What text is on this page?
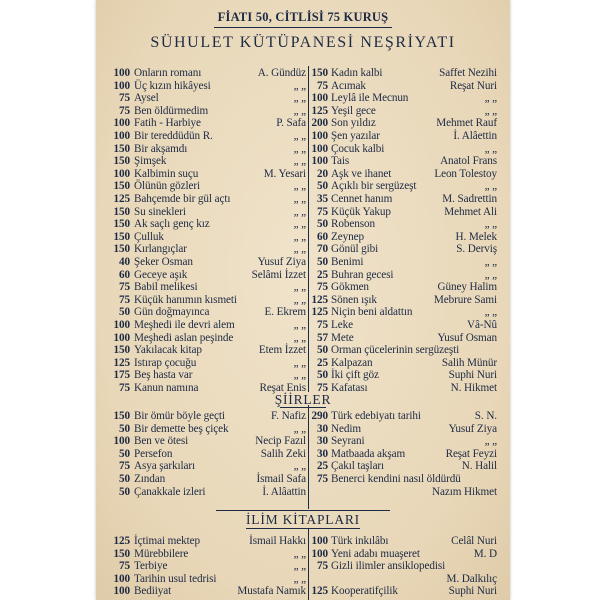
FİATI 50, CİTLİSİ 75 KURUŞ
SÜHULET KÜTÜPANESİ NEŞRİYATI
100 Onların romanı	A. Gündüz
100 Üç kızın hikâyesi	„ „
75 Aysel	„ „
75 Ben öldürmedim	„ „
100 Fatih - Harbiye	P. Safa
100 Bir tereddüdün R.	„ „
150 Bir akşamdı	„ „
150 Şimşek	„ „
100 Kalbimin suçu	M. Yesari
150 Ölünün gözleri	„ „
125 Bahçemde bir gül açtı	„ „
150 Su sinekleri	„ „
150 Ak saçlı genç kız	„ „
150 Çulluk	„ „
150 Kırlangıçlar	„ „
40 Şeker Osman	Yusuf Ziya
60 Geceye aşık	Selâmi İzzet
75 Babil melikesi	„ „
75 Küçük hanımın kısmeti	„ „
50 Gün doğmayınca	E. Ekrem
100 Meşhedi ile devri alem	„ „
100 Meşhedi aslan peşinde	„ „
150 Yakılacak kitap	Etem İzzet
125 Istırap çocuğu	„ „
175 Beş hasta var	„ „
75 Kanun namına	Reşat Enis
150 Kadın kalbi	Saffet Nezihi
75 Acımak	Reşat Nuri
100 Leylâ ile Mecnun	„ „
125 Yeşil gece	„ „
200 Son yıldız	Mehmet Rauf
100 Şen yazılar	İ. Alâettin
100 Çocuk kalbi	„ „
100 Tais	Anatol Frans
20 Aşk ve ihanet	Leon Tolestoy
50 Açıklı bir sergüzeşt	„ „
35 Cennet hanım	M. Sadrettin
75 Küçük Yakup	Mehmet Ali
50 Robenson	„ „
60 Zeynep	H. Melek
70 Gönül gibi	S. Derviş
50 Benimi	„ „
25 Buhran gecesi	„ „
75 Gökmen	Güney Halim
125 Sönen ışık	Mebrure Sami
125 Niçin beni aldattın	„ „
75 Leke	Vâ-Nû
57 Mete	Yusuf Osman
50 Orman çücelerinin sergüzeşti
25 Kalpazan	Salih Münür
50 İki çift göz	Suphi Nuri
75 Kafatası	N. Hikmet
ŞİİRLER
150 Bir ömür böyle geçti	F. Nafiz
50 Bir demette beş çiçek	„ „
100 Ben ve ötesi	Necip Fazıl
50 Persefon	Salih Zeki
75 Asya şarkıları	„ „
50 Zından	İsmail Safa
50 Çanakkale izleri	İ. Alâattin
290 Türk edebiyatı tarihi	S. N.
30 Nedim	Yusuf Ziya
30 Seyrani	„ „
30 Matbaada akşam	Reşat Feyzi
25 Çakıl taşları	N. Halil
75 Benerci kendini nasıl öldürdü
Nazım Hikmet
İLİM KİTAPLARI
125 İçtimai mektep	İsmail Hakkı
150 Mürebbilere	„ „
75 Terbiye	„ „
100 Tarihin usul tedrisi	„ „
100 Bediiyat	Mustafa Namık
100 Türk inkılâbı	Celâl Nuri
100 Yeni adabı muaşeret	M. D
75 Gizli ilimler ansiklopedisi
M. Dalkılıç
125 Kooperatifçilik	Suphi Nuri
